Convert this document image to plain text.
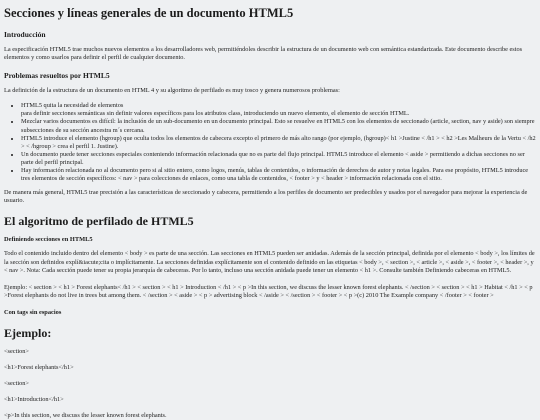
Secciones y líneas generales de un documento HTML5
Introducción

La especificación HTML5 trae muchos nuevos elementos a los desarrolladores web, permitiéndoles describir la estructura de un documento web con semántica estandarizada. Este documento describe estos elementos y como usarlos para definir el perfil de cualquier documento.

Problemas resueltos por HTML5

La definición de la estructura de un documento en HTML 4 y su algoritmo de perfilado es muy tosco y genera numerosos problemas:

• HTML5 quita la necesidad de elementos
para definir secciones semánticas sin definir valores específicos para los atributos class, introduciendo un nuevo elemento, el elemento de sección HTML.
• Mezclar varios documentos es difícil: la inclusión de un sub-documento en un documento principal. Esto se resuelve en HTML5 con los elementos de seccionado (article, section, nav y aside) son siempre subsecciones de su sección ancestra m´s cercana.
• HTML5 introduce el elemento (hgroup) que oculta todos los elementos de cabecera excepto el primero de más alto rango (por ejemplo, (hgroup)< h1 >Justine < /h1 > < h2 >Les Malheurs de la Vertu < /h2 > < /hgroup > crea el perfil 1. Justine).
• Un documento puede tener secciones especiales conteniendo información relacionada que no es parte del flujo principal. HTML5 introduce el elemento < aside > permitiendo a dichas secciones no ser parte del perfil principal.
• Hay información relacionada no al documento pero si al sitio entero, como logos, menús, tablas de contenidos, o información de derechos de autor y notas legales. Para ese propósito, HTML5 introduce tres elementos de sección específicos: < nav > para colecciones de enlaces, como una tabla de contenidos, < footer > y < header > información relacionada con el sitio.

De manera más general, HTML5 trae precisión a las características de seccionado y cabecera, permitiendo a los perfiles de documento ser predecibles y usados por el navegador para mejorar la experiencia de usuario.

El algoritmo de perfilado de HTML5
Definiendo secciones en HTML5

Todo el contenido incluido dentro del elemento < body > es parte de una sección. Las secciones en HTML5 pueden ser anidadas. Además de la sección principal, definida por el elemento < body >, los límites de la sección son definidos explí&iacute;cita o implícitamente. La secciones definidas explícitamente son el contenido definido en las etiquetas < body >, < section >, < article >, < aside >, < footer >, < header >, y < nav >. Nota: Cada sección puede tener su propia jerarquía de cabeceras. Por lo tanto, incluso una sección anidada puede tener un elemento < h1 >. Consulte también Definiendo cabeceras en HTML5.

Ejemplo: < section > < h1 > Forest elephants< /h1 > < section > < h1 > Introduction < /h1 > < p >In this section, we discuss the lesser known forest elephants. < /section > < section > < h1 > Habitat < /h1 > < p >Forest elephants do not live in trees but among them. < /section > < aside > < p > advertising block < /aside > < /section > < footer > < p >(c) 2010 The Example company < /footer > < footer >

Con tags sin espacios
Ejemplo:

<section>

<h1>Forest elephants</h1>

<section>

<h1>Introduction</h1>

<p>In this section, we discuss the lesser known forest elephants.
